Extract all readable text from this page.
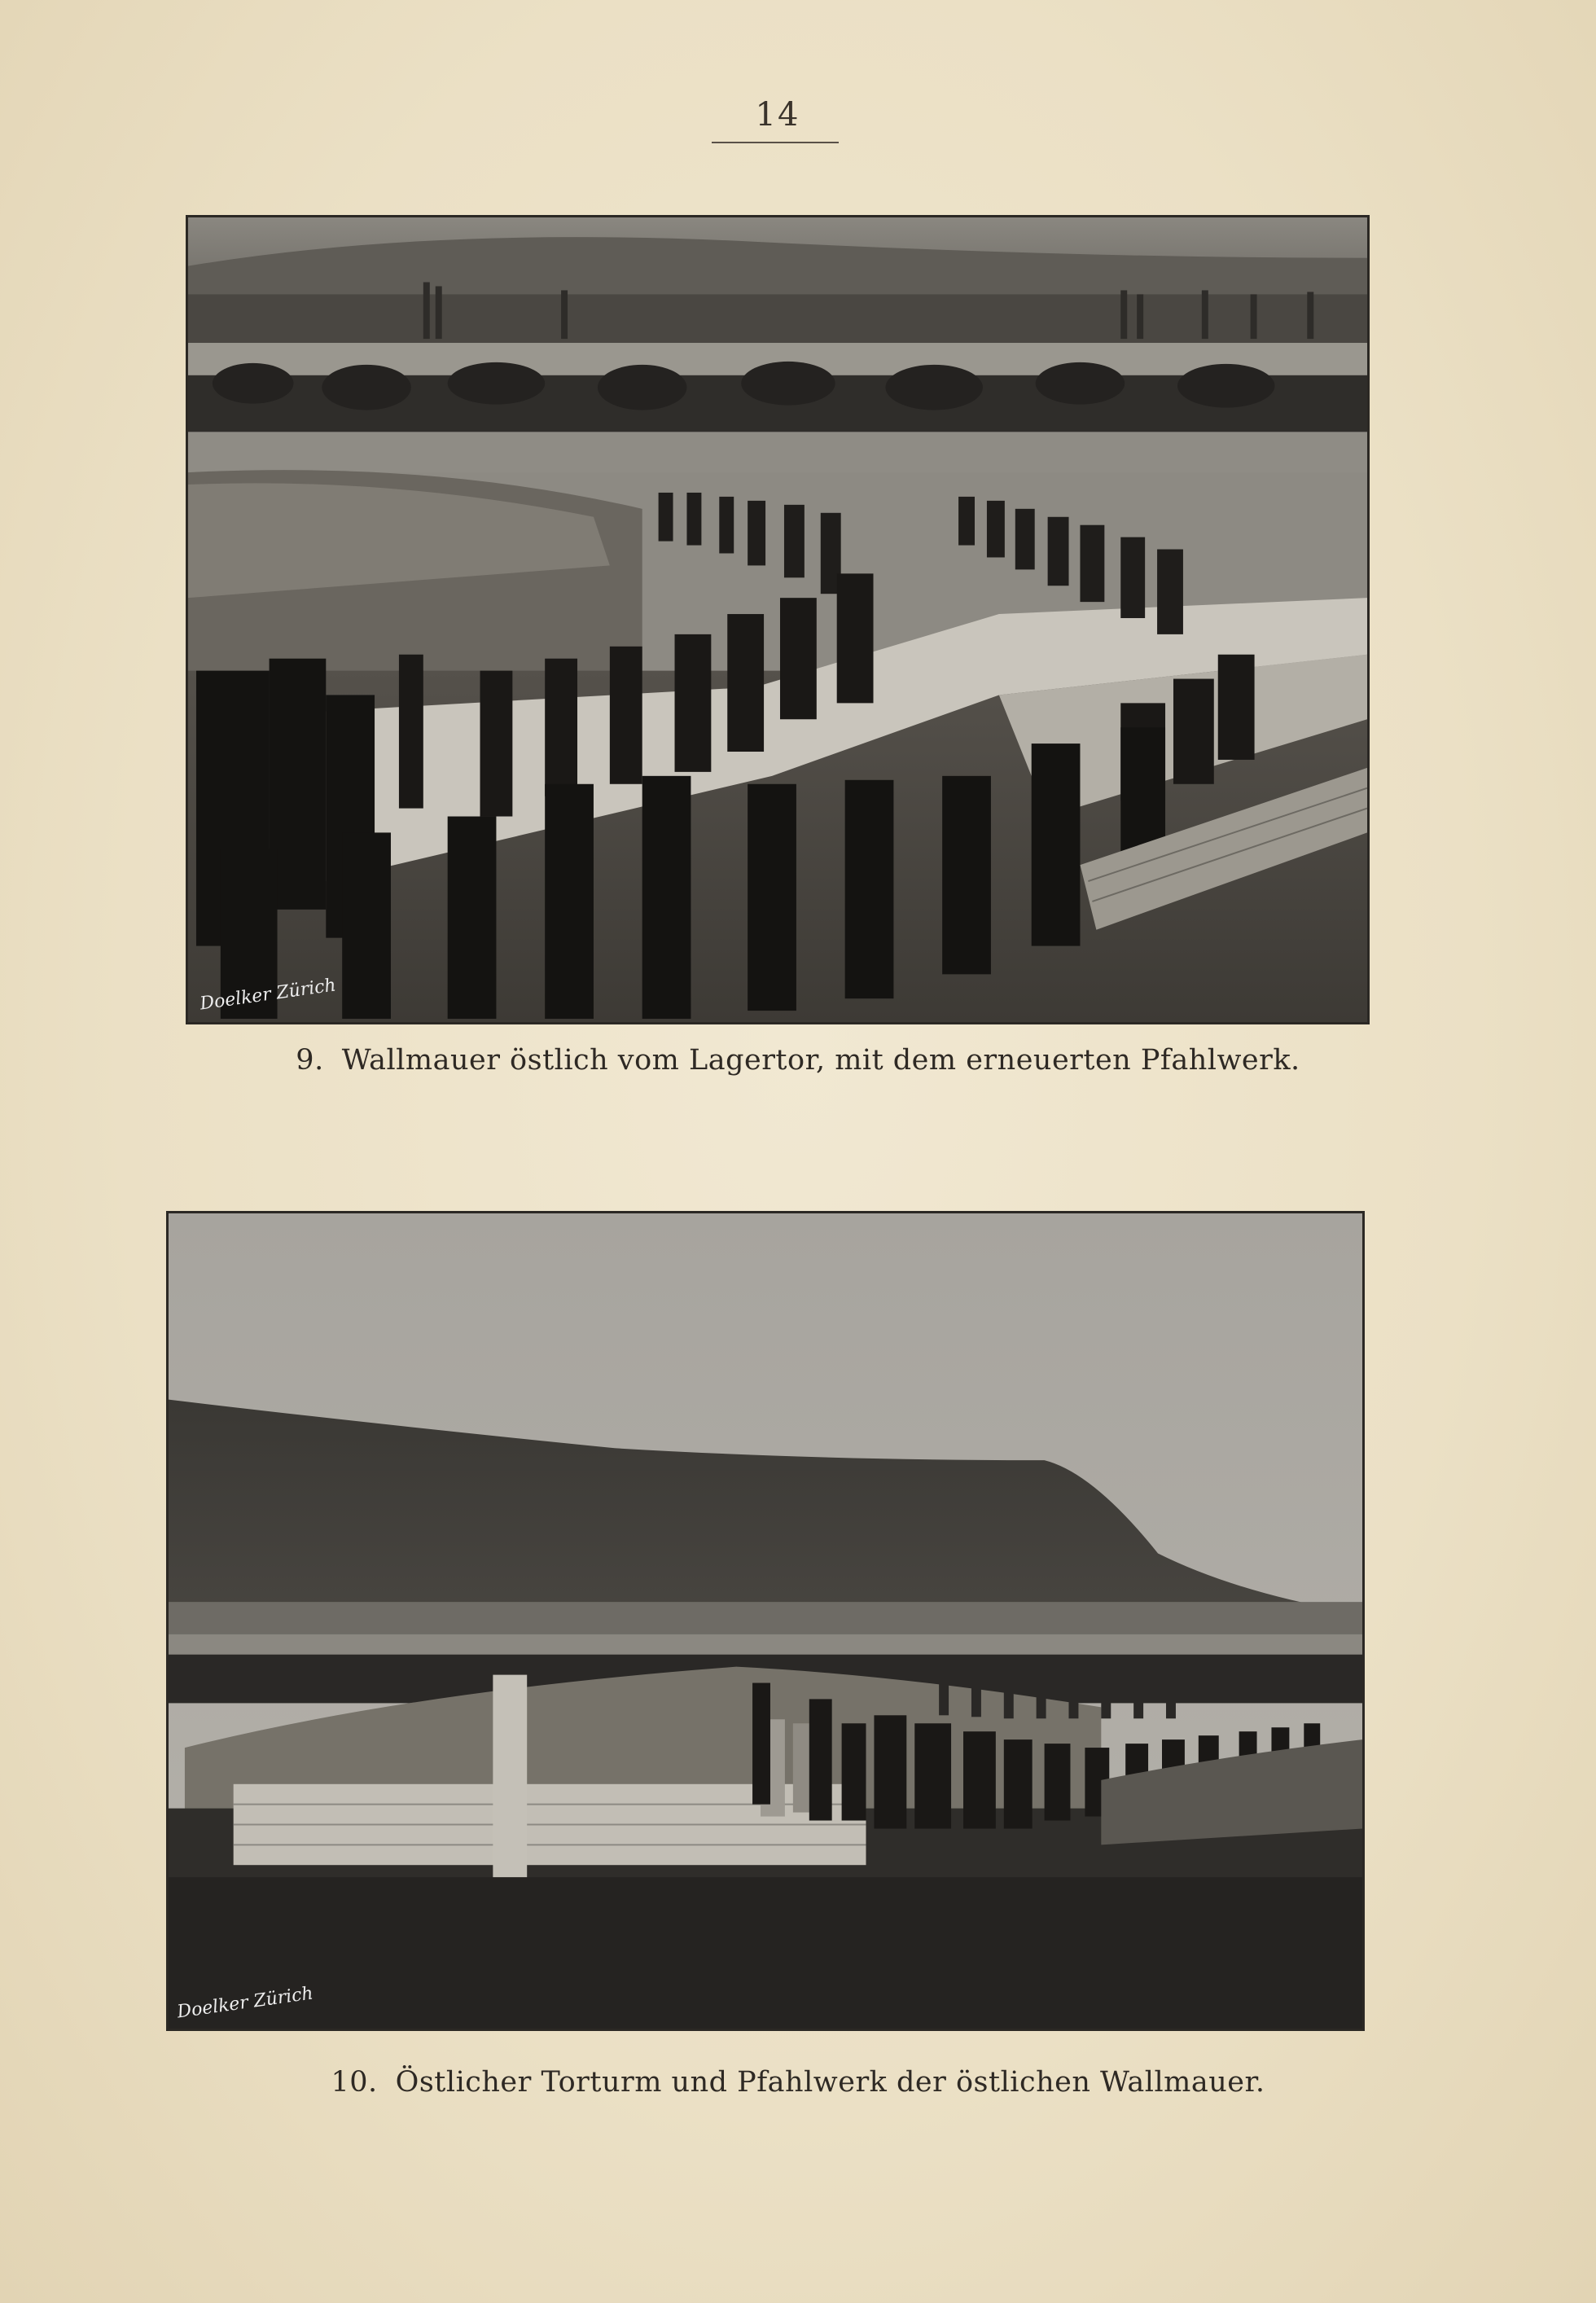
14
Doelker Zürich
9. Wallmauer östlich vom Lagertor, mit dem erneuerten Pfahlwerk.
Doelker Zürich
10. Östlicher Torturm und Pfahlwerk der östlichen Wallmauer.
